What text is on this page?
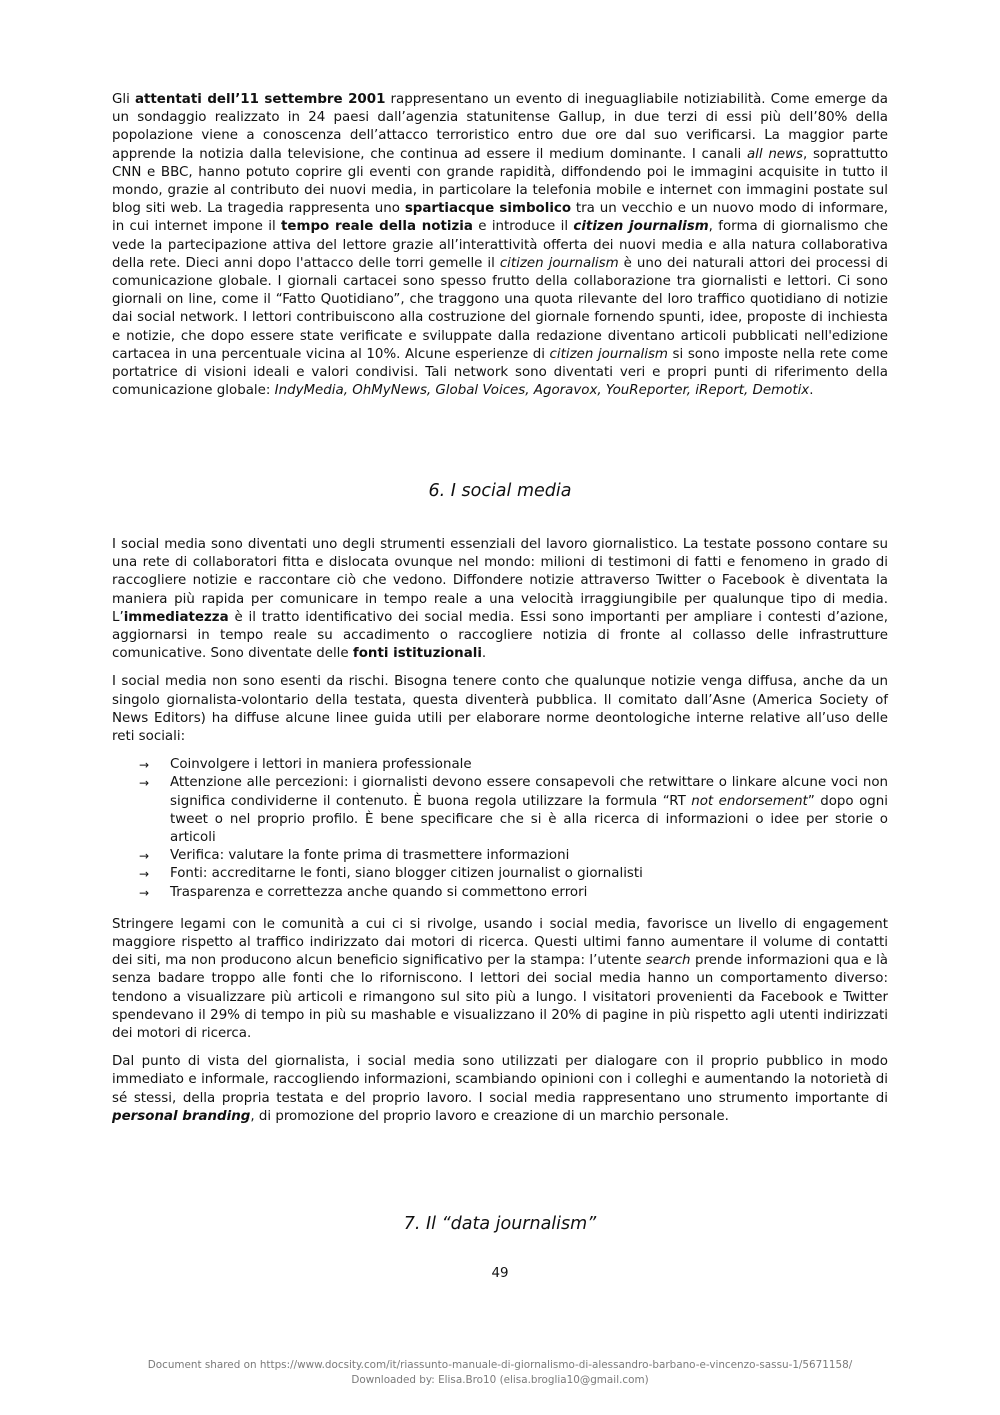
Gli attentati dell’11 settembre 2001 rappresentano un evento di ineguagliabile notiziabilità. Come emerge da un sondaggio realizzato in 24 paesi dall’agenzia statunitense Gallup, in due terzi di essi più dell’80% della popolazione viene a conoscenza dell’attacco terroristico entro due ore dal suo verificarsi. La maggior parte apprende la notizia dalla televisione, che continua ad essere il medium dominante. I canali all news, soprattutto CNN e BBC, hanno potuto coprire gli eventi con grande rapidità, diffondendo poi le immagini acquisite in tutto il mondo, grazie al contributo dei nuovi media, in particolare la telefonia mobile e internet con immagini postate sul blog siti web. La tragedia rappresenta uno spartiacque simbolico tra un vecchio e un nuovo modo di informare, in cui internet impone il tempo reale della notizia e introduce il citizen journalism, forma di giornalismo che vede la partecipazione attiva del lettore grazie all’interattività offerta dei nuovi media e alla natura collaborativa della rete. Dieci anni dopo l'attacco delle torri gemelle il citizen journalism è uno dei naturali attori dei processi di comunicazione globale. I giornali cartacei sono spesso frutto della collaborazione tra giornalisti e lettori. Ci sono giornali on line, come il “Fatto Quotidiano”, che traggono una quota rilevante del loro traffico quotidiano di notizie dai social network. I lettori contribuiscono alla costruzione del giornale fornendo spunti, idee, proposte di inchiesta e notizie, che dopo essere state verificate e sviluppate dalla redazione diventano articoli pubblicati nell'edizione cartacea in una percentuale vicina al 10%. Alcune esperienze di citizen journalism si sono imposte nella rete come portatrice di visioni ideali e valori condivisi. Tali network sono diventati veri e propri punti di riferimento della comunicazione globale: IndyMedia, OhMyNews, Global Voices, Agoravox, YouReporter, iReport, Demotix.

6. I social media

I social media sono diventati uno degli strumenti essenziali del lavoro giornalistico. La testate possono contare su una rete di collaboratori fitta e dislocata ovunque nel mondo: milioni di testimoni di fatti e fenomeno in grado di raccogliere notizie e raccontare ciò che vedono. Diffondere notizie attraverso Twitter o Facebook è diventata la maniera più rapida per comunicare in tempo reale a una velocità irraggiungibile per qualunque tipo di media. L’immediatezza è il tratto identificativo dei social media. Essi sono importanti per ampliare i contesti d’azione, aggiornarsi in tempo reale su accadimento o raccogliere notizia di fronte al collasso delle infrastrutture comunicative. Sono diventate delle fonti istituzionali.

I social media non sono esenti da rischi. Bisogna tenere conto che qualunque notizie venga diffusa, anche da un singolo giornalista-volontario della testata, questa diventerà pubblica. Il comitato dall’Asne (America Society of News Editors) ha diffuse alcune linee guida utili per elaborare norme deontologiche interne relative all’uso delle reti sociali:

→ Coinvolgere i lettori in maniera professionale
→ Attenzione alle percezioni: i giornalisti devono essere consapevoli che retwittare o linkare alcune voci non significa condividerne il contenuto. È buona regola utilizzare la formula “RT not endorsement” dopo ogni tweet o nel proprio profilo. È bene specificare che si è alla ricerca di informazioni o idee per storie o articoli
→ Verifica: valutare la fonte prima di trasmettere informazioni
→ Fonti: accreditarne le fonti, siano blogger citizen journalist o giornalisti
→ Trasparenza e correttezza anche quando si commettono errori

Stringere legami con le comunità a cui ci si rivolge, usando i social media, favorisce un livello di engagement maggiore rispetto al traffico indirizzato dai motori di ricerca. Questi ultimi fanno aumentare il volume di contatti dei siti, ma non producono alcun beneficio significativo per la stampa: l’utente search prende informazioni qua e là senza badare troppo alle fonti che lo riforniscono. I lettori dei social media hanno un comportamento diverso: tendono a visualizzare più articoli e rimangono sul sito più a lungo. I visitatori provenienti da Facebook e Twitter spendevano il 29% di tempo in più su mashable e visualizzano il 20% di pagine in più rispetto agli utenti indirizzati dei motori di ricerca.

Dal punto di vista del giornalista, i social media sono utilizzati per dialogare con il proprio pubblico in modo immediato e informale, raccogliendo informazioni, scambiando opinioni con i colleghi e aumentando la notorietà di sé stessi, della propria testata e del proprio lavoro. I social media rappresentano uno strumento importante di personal branding, di promozione del proprio lavoro e creazione di un marchio personale.

7. Il “data journalism”
49
Document shared on https://www.docsity.com/it/riassunto-manuale-di-giornalismo-di-alessandro-barbano-e-vincenzo-sassu-1/5671158/
Downloaded by: Elisa.Bro10 (elisa.broglia10@gmail.com)
